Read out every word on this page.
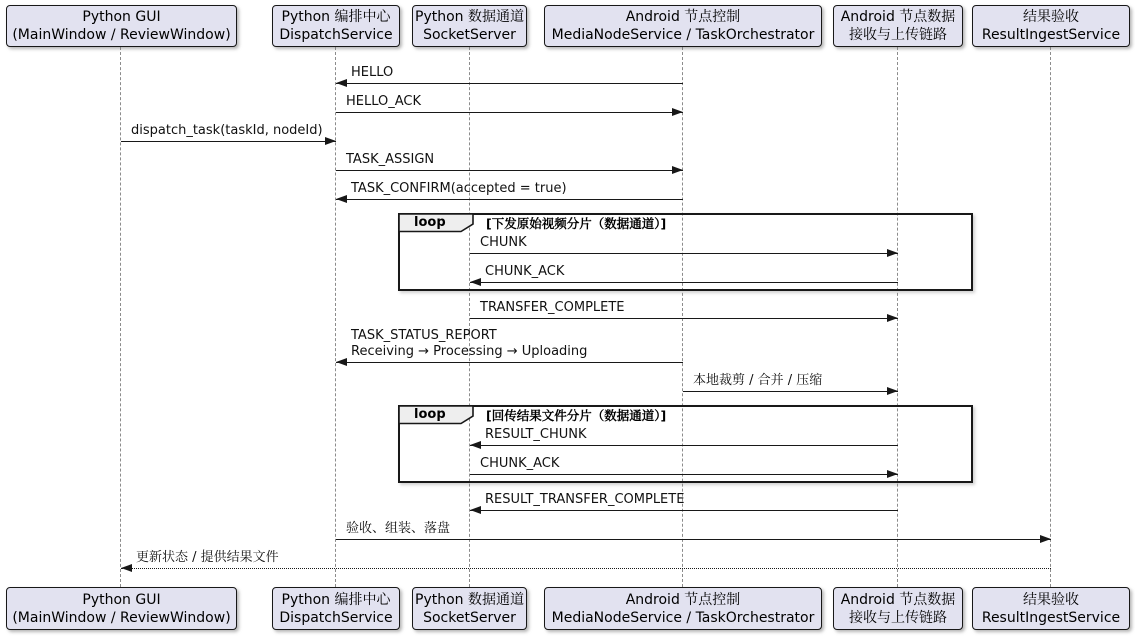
loop	[下发原始视频分片（数据通道）]
loop	[回传结果文件分片（数据通道）]
HELLO
HELLO_ACK
dispatch_task(taskId, nodeId)
TASK_ASSIGN
TASK_CONFIRM(accepted = true)
CHUNK
CHUNK_ACK
TRANSFER_COMPLETE
TASK_STATUS_REPORT
Receiving → Processing → Uploading
本地裁剪 / 合并 / 压缩
RESULT_CHUNK
CHUNK_ACK
RESULT_TRANSFER_COMPLETE
验收、组装、落盘
更新状态 / 提供结果文件
Python GUI
(MainWindow / ReviewWindow)
Python GUI
(MainWindow / ReviewWindow)
Python 编排中心
DispatchService
Python 编排中心
DispatchService
Python 数据通道
SocketServer
Python 数据通道
SocketServer
Android 节点控制
MediaNodeService / TaskOrchestrator
Android 节点控制
MediaNodeService / TaskOrchestrator
Android 节点数据
接收与上传链路
Android 节点数据
接收与上传链路
结果验收
ResultIngestService
结果验收
ResultIngestService
